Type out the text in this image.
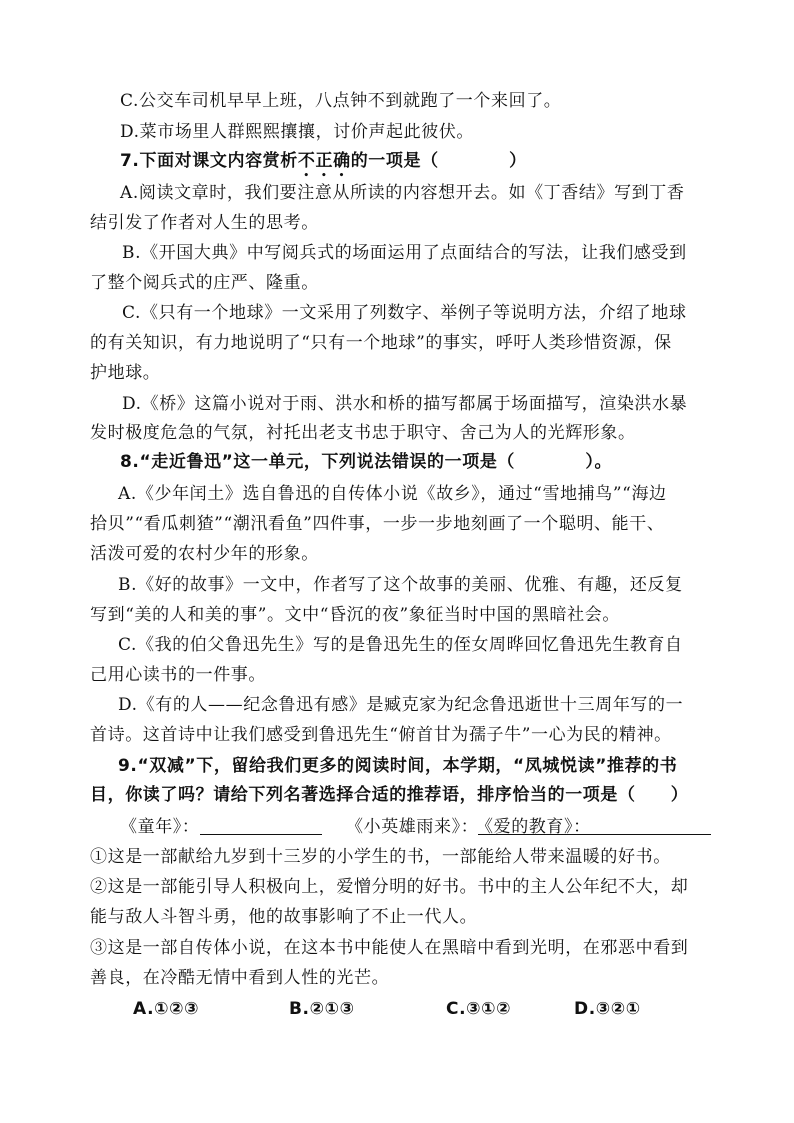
C.公交车司机早早上班，八点钟不到就跑了一个来回了。
D.菜市场里人群熙熙攘攘，讨价声起此彼伏。
7.下面对课文内容赏析不正确的一项是（　　　　）
A.阅读文章时，我们要注意从所读的内容想开去。如《丁香结》写到丁香
结引发了作者对人生的思考。
B.《开国大典》中写阅兵式的场面运用了点面结合的写法，让我们感受到
了整个阅兵式的庄严、隆重。
C.《只有一个地球》一文采用了列数字、举例子等说明方法，介绍了地球
的有关知识，有力地说明了“只有一个地球”的事实，呼吁人类珍惜资源，保
护地球。
D.《桥》这篇小说对于雨、洪水和桥的描写都属于场面描写，渲染洪水暴
发时极度危急的气氛，衬托出老支书忠于职守、舍己为人的光辉形象。
8.“走近鲁迅”这一单元，下列说法错误的一项是（　　　　）。
A.《少年闰土》选自鲁迅的自传体小说《故乡》，通过“雪地捕鸟”“海边
拾贝”“看瓜刺猹”“潮汛看鱼”四件事，一步一步地刻画了一个聪明、能干、
活泼可爱的农村少年的形象。
B.《好的故事》一文中，作者写了这个故事的美丽、优雅、有趣，还反复
写到“美的人和美的事”。文中“昏沉的夜”象征当时中国的黑暗社会。
C.《我的伯父鲁迅先生》写的是鲁迅先生的侄女周晔回忆鲁迅先生教育自
己用心读书的一件事。
D.《有的人——纪念鲁迅有感》是臧克家为纪念鲁迅逝世十三周年写的一
首诗。这首诗中让我们感受到鲁迅先生“俯首甘为孺子牛”一心为民的精神。
9.“双减”下，留给我们更多的阅读时间，本学期，“凤城悦读”推荐的书
目，你读了吗？请给下列名著选择合适的推荐语，排序恰当的一项是（　　）
《童年》：	《小英雄雨来》：
《爱的教育》：
①这是一部献给九岁到十三岁的小学生的书，一部能给人带来温暖的好书。
②这是一部能引导人积极向上，爱憎分明的好书。书中的主人公年纪不大，却
能与敌人斗智斗勇，他的故事影响了不止一代人。
③这是一部自传体小说，在这本书中能使人在黑暗中看到光明，在邪恶中看到
善良，在冷酷无情中看到人性的光芒。
A.①②③	B.②①③	C.③①②	D.③②①
